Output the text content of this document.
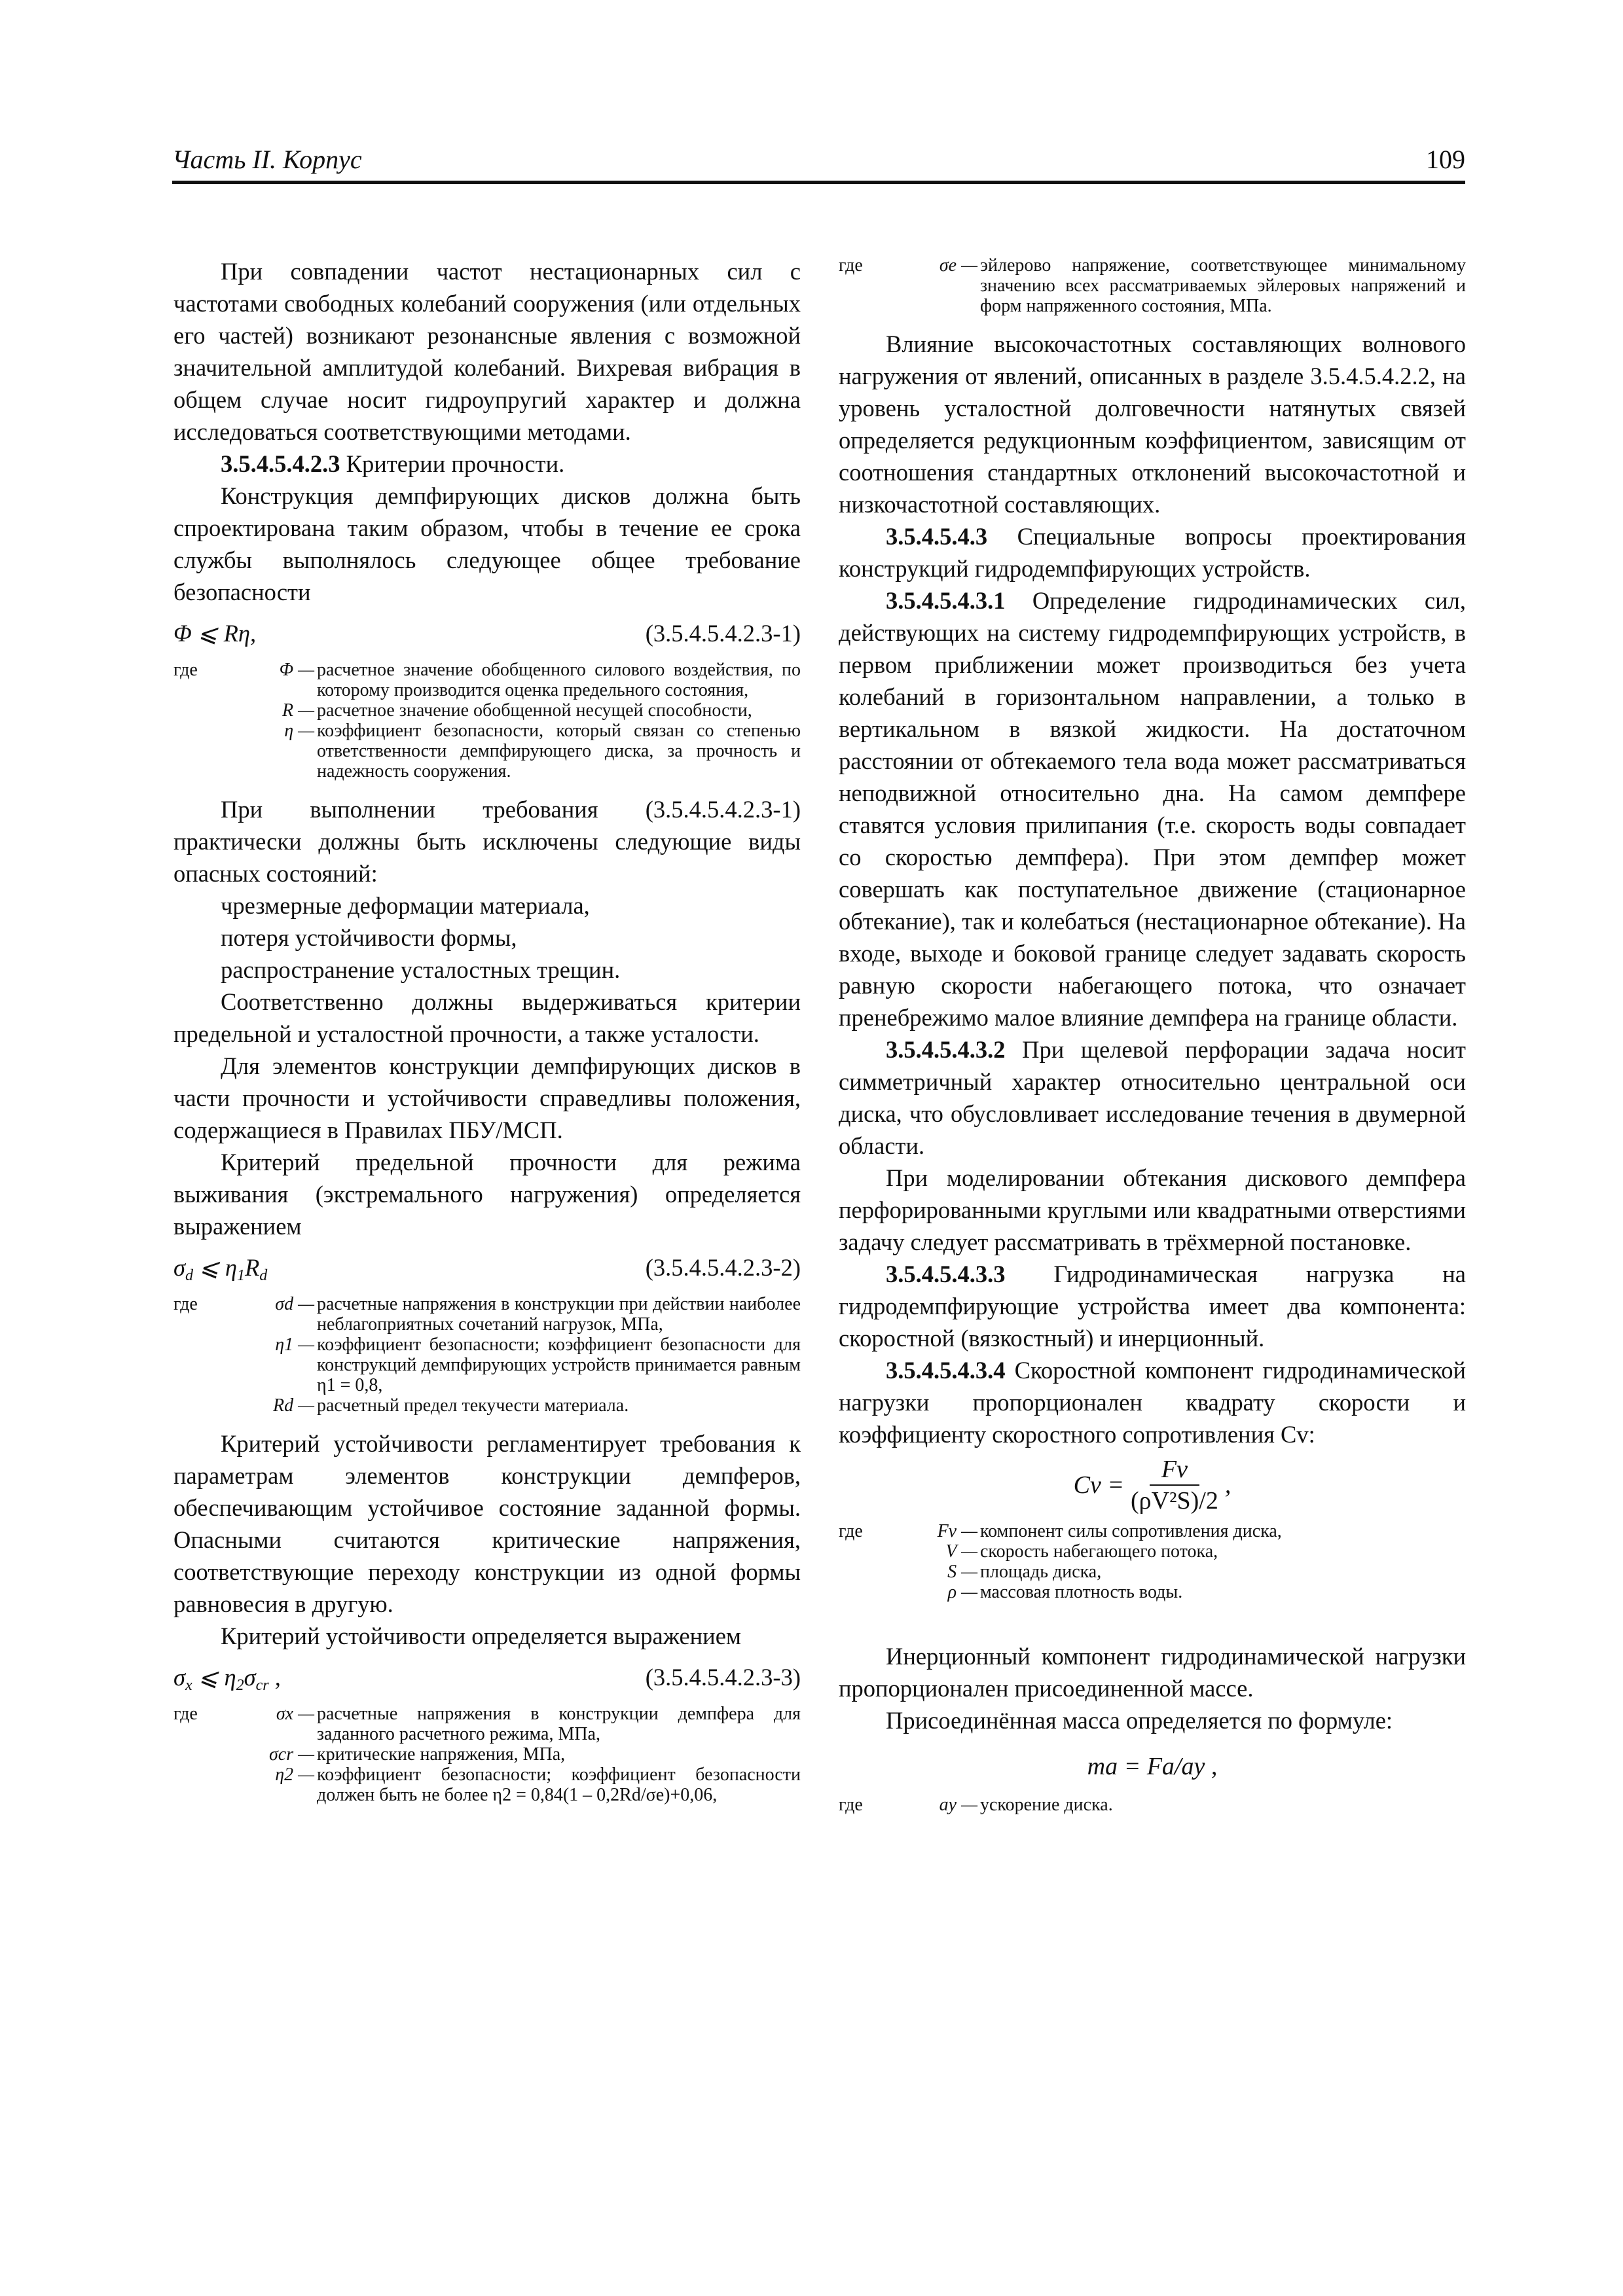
Часть II. Корпус	109

При совпадении частот нестационарных сил с частотами свободных колебаний сооружения (или отдельных его частей) возникают резонансные явления с возможной значительной амплитудой колебаний. Вихревая вибрация в общем случае носит гидроупругий характер и должна исследоваться соответствующими методами.

3.5.4.5.4.2.3 Критерии прочности.

Конструкция демпфирующих дисков должна быть спроектирована таким образом, чтобы в течение ее срока службы выполнялось следующее общее требование безопасности

Φ ⩽ Rη,	(3.5.4.5.4.2.3-1)
где	Φ — расчетное значение обобщенного силового воздействия, по которому производится оценка предельного состояния,
R — расчетное значение обобщенной несущей способности,
η — коэффициент безопасности, который связан со степенью ответственности демпфирующего диска, за прочность и надежность сооружения.

При выполнении требования (3.5.4.5.4.2.3-1) практически должны быть исключены следующие виды опасных состояний:

чрезмерные деформации материала,

потеря устойчивости формы,

распространение усталостных трещин.

Соответственно должны выдерживаться критерии предельной и усталостной прочности, а также усталости.

Для элементов конструкции демпфирующих дисков в части прочности и устойчивости справедливы положения, содержащиеся в Правилах ПБУ/МСП.

Критерий предельной прочности для режима выживания (экстремального нагружения) определяется выражением

$\sigma_d$ ⩽ $\eta_1R_d$	(3.5.4.5.4.2.3-2)
где	σd — расчетные напряжения в конструкции при действии наиболее неблагоприятных сочетаний нагрузок, МПа,
η1 — коэффициент безопасности; коэффициент безопасности для конструкций демпфирующих устройств принимается равным η1 = 0,8,
Rd — расчетный предел текучести материала.

Критерий устойчивости регламентирует требования к параметрам элементов конструкции демпферов, обеспечивающим устойчивое состояние заданной формы. Опасными считаются критические напряжения, соответствующие переходу конструкции из одной формы равновесия в другую.

Критерий устойчивости определяется выражением

$\sigma_x$ ⩽ $\eta_2\sigma_{cr}$ ,	(3.5.4.5.4.2.3-3)
где	σx — расчетные напряжения в конструкции демпфера для заданного расчетного режима, МПа,
σcr — критические напряжения, МПа,
η2 — коэффициент безопасности; коэффициент безопасности должен быть не более η2 = 0,84(1 – 0,2Rd/σe)+0,06,
где	σe — эйлерово напряжение, соответствующее минимальному значению всех рассматриваемых эйлеровых напряжений и форм напряженного состояния, МПа.

Влияние высокочастотных составляющих волнового нагружения от явлений, описанных в разделе 3.5.4.5.4.2.2, на уровень усталостной долговечности натянутых связей определяется редукционным коэффициентом, зависящим от соотношения стандартных отклонений высокочастотной и низкочастотной составляющих.

3.5.4.5.4.3 Специальные вопросы проектирования конструкций гидродемпфирующих устройств.

3.5.4.5.4.3.1 Определение гидродинамических сил, действующих на систему гидродемпфирующих устройств, в первом приближении может производиться без учета колебаний в горизонтальном направлении, а только в вертикальном в вязкой жидкости. На достаточном расстоянии от обтекаемого тела вода может рассматриваться неподвижной относительно дна. На самом демпфере ставятся условия прилипания (т.е. скорость воды совпадает со скоростью демпфера). При этом демпфер может совершать как поступательное движение (стационарное обтекание), так и колебаться (нестационарное обтекание). На входе, выходе и боковой границе следует задавать скорость равную скорости набегающего потока, что означает пренебрежимо малое влияние демпфера на границе области.

3.5.4.5.4.3.2 При щелевой перфорации задача носит симметричный характер относительно центральной оси диска, что обусловливает исследование течения в двумерной области.

При моделировании обтекания дискового демпфера перфорированными круглыми или квадратными отверстиями задачу следует рассматривать в трёхмерной постановке.

3.5.4.5.4.3.3 Гидродинамическая нагрузка на гидродемпфирующие устройства имеет два компонента: скоростной (вязкостный) и инерционный.

3.5.4.5.4.3.4 Скоростной компонент гидродинамической нагрузки пропорционален квадрату скорости и коэффициенту скоростного сопротивления Cv:

$Cv = \frac{Fv}{\text{(ρV²S)/2}}$ ,
где	Fv — компонент силы сопротивления диска,
V — скорость набегающего потока,
S — площадь диска,
ρ — массовая плотность воды.

Инерционный компонент гидродинамической нагрузки пропорционален присоединенной массе.

Присоединённая масса определяется по формуле:

ma = Fa/ay ,
где	ay — ускорение диска.
